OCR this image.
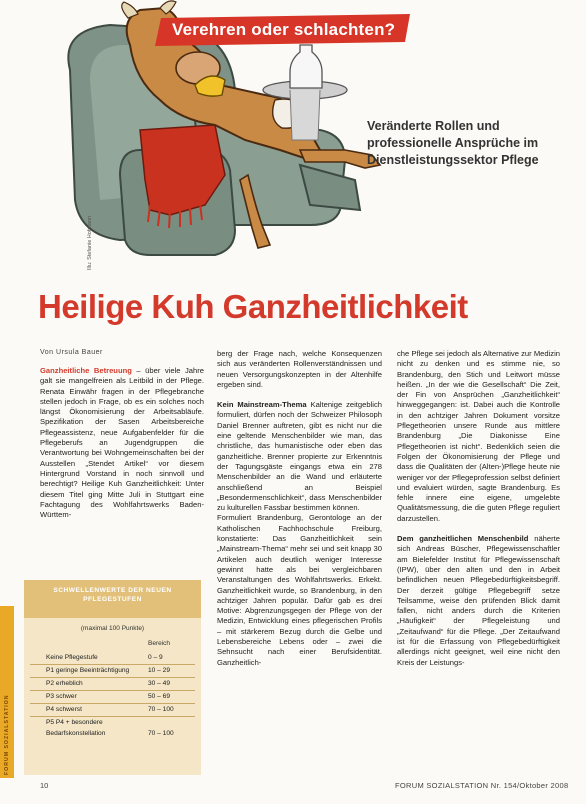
Verehren oder schlachten?
Veränderte Rollen und
professionelle Ansprüche im
Dienstleistungssektor Pflege
Illu: Stefanie Hofmann
Heilige Kuh Ganzheitlichkeit
Von Ursula Bauer

Ganzheitliche Betreuung – über viele Jahre galt sie mangelfreien als Leitbild in der Pflege. Renata Einwähr fragen in der Pflegebranche stellen jedoch in Frage, ob es ein solches noch längst Ökonomisierung der Arbeitsabläufe. Spezifikation der Sasen Arbeitsbereiche Pflegeassistenz, neue Aufgabenfelder für die Pflegeberufs an Jugendgruppen die Verantwortung bei Wohngemeinschaften bei der Ausstellen „Stendet Artikel“ vor diesem Hintergrund Vorstand in noch sinnvoll und berechtigt? Heilige Kuh Ganzheitlichkeit: Unter diesem Titel ging Mitte Juli in Stuttgart eine Fachtagung des Wohlfahrtswerks Baden-Württem-

berg der Frage nach, welche Konsequenzen sich aus veränderten Rollenverständnissen und neuen Versorgungskonzepten in der Altenhilfe ergeben sind.

Kein Mainstream-Thema Kaltenige zeitgeblich formuliert, dürfen noch der Schweizer Philosoph Daniel Brenner auftreten, gibt es nicht nur die eine geltende Menschenbilder wie man, das christliche, das humanistische oder eben das ganzheitliche. Brenner propierte zur Erkenntnis der Tagungsgäste eingangs etwa ein 278 Menschenbilder an die Wand und erläuterte anschließend an Beispiel „Besondermenschlichkeit“, dass Menschenbilder zu kulturellen Fassbar bestimmen können.

Formuliert Brandenburg, Gerontologe an der Katholischen Fachhochschule Freiburg, konstatierte: Das Ganzheitlichkeit sein „Mainstream-Thema“ mehr sei und seit knapp 30 Artikelen auch deutlich weniger Interesse gewinnt hatte als bei vergleichbaren Veranstaltungen des Wohlfahrtswerks. Erkekt. Ganzheitlichkeit wurde, so Brandenburg, in den achtziger Jahren populär. Dafür gab es drei Motive: Abgrenzungsgegen der Pflege von der Medizin, Entwicklung eines pflegerischen Profils – mit stärkerem Bezug durch die Gelbe und Lebensbereiche Lebens oder – zwei die Sehnsucht nach einer Berufsidentität. Ganzheitlich-

che Pflege sei jedoch als Alternative zur Medizin nicht zu denken und es stimme nie, so Brandenburg, den Stich und Leitwort müsse heißen. „In der wie die Gesellschaft“ Die Zeit, der Fin von Ansprüchen „Ganzheitlichkeit“ hinweggegangen: ist. Dabei auch die Kontrolle in den achtziger Jahren Dokument vorsitze Pflegetheorien unsere Runde aus mittlere Brandenburg „Die Diakonisse Eine Pflegetheorien ist nicht“. Bedenklich seien die Folgen der Ökonomisierung der Pflege und dass die Qualitäten der (Alten-)Pflege heute nie weniger vor der Pflegeprofession selbst definiert und evaluiert würden, sagte Brandenburg. Es fehle innere eine eigene, umgelebte Qualitätsmessung, die die guten Pflege reguliert darzustellen.

Dem ganzheitlichen Menschenbild näherte sich Andreas Büscher, Pflegewissenschaftler am Bielefelder Institut für Pflegewissenschaft (IPW), über den alten und den in Arbeit befindlichen neuen Pflegebedürftigkeitsbegriff. Der derzeit gültige Pflegebegriff setze Teilsamme, weise den prüfenden Blick damit fallen, nicht anders durch die Kriterien „Häufigkeit“ der Pflegeleistung und „Zeitaufwand“ für die Pflege. „Der Zeitaufwand ist für die Erfassung von Pflegebedürftigkeit allerdings nicht geeignet, weil eine nicht den Kreis der Leistungs-

SCHWELLENWERTE DER NEUEN
PFLEGESTUFEN
(maximal 100 Punkte)
Bereich
Keine Pflegestufe	0 – 9
P1 geringe Beeinträchtigung	10 – 29
P2 erheblich	30 – 49
P3 schwer	50 – 69
P4 schwerst	70 – 100
P5 P4 + besondere
Bedarfskonstellation	70 – 100
FORUM SOZIALSTATION
10	FORUM SOZIALSTATION Nr. 154/Oktober 2008
